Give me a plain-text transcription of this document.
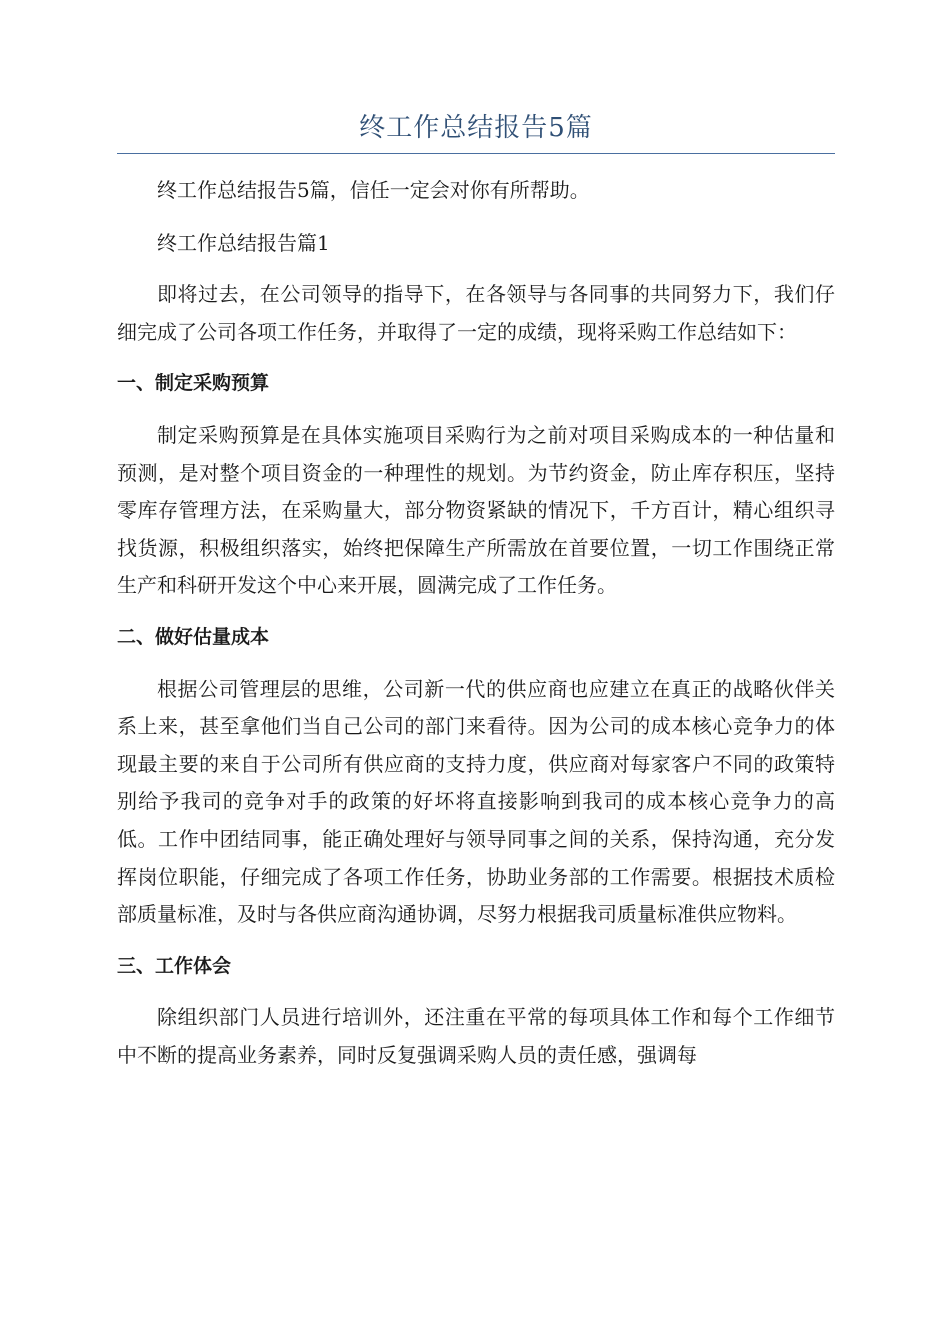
终工作总结报告5篇

终工作总结报告5篇，信任一定会对你有所帮助。

终工作总结报告篇1

即将过去，在公司领导的指导下，在各领导与各同事的共同努力下，我们仔细完成了公司各项工作任务，并取得了一定的成绩，现将采购工作总结如下：

一、制定采购预算

制定采购预算是在具体实施项目采购行为之前对项目采购成本的一种估量和预测，是对整个项目资金的一种理性的规划。为节约资金，防止库存积压，坚持零库存管理方法，在采购量大，部分物资紧缺的情况下，千方百计，精心组织寻找货源，积极组织落实，始终把保障生产所需放在首要位置，一切工作围绕正常生产和科研开发这个中心来开展，圆满完成了工作任务。

二、做好估量成本

根据公司管理层的思维，公司新一代的供应商也应建立在真正的战略伙伴关系上来，甚至拿他们当自己公司的部门来看待。因为公司的成本核心竞争力的体现最主要的来自于公司所有供应商的支持力度，供应商对每家客户不同的政策特别给予我司的竞争对手的政策的好坏将直接影响到我司的成本核心竞争力的高低。工作中团结同事，能正确处理好与领导同事之间的关系，保持沟通，充分发挥岗位职能，仔细完成了各项工作任务，协助业务部的工作需要。根据技术质检部质量标准，及时与各供应商沟通协调，尽努力根据我司质量标准供应物料。

三、工作体会

除组织部门人员进行培训外，还注重在平常的每项具体工作和每个工作细节中不断的提高业务素养，同时反复强调采购人员的责任感，强调每
